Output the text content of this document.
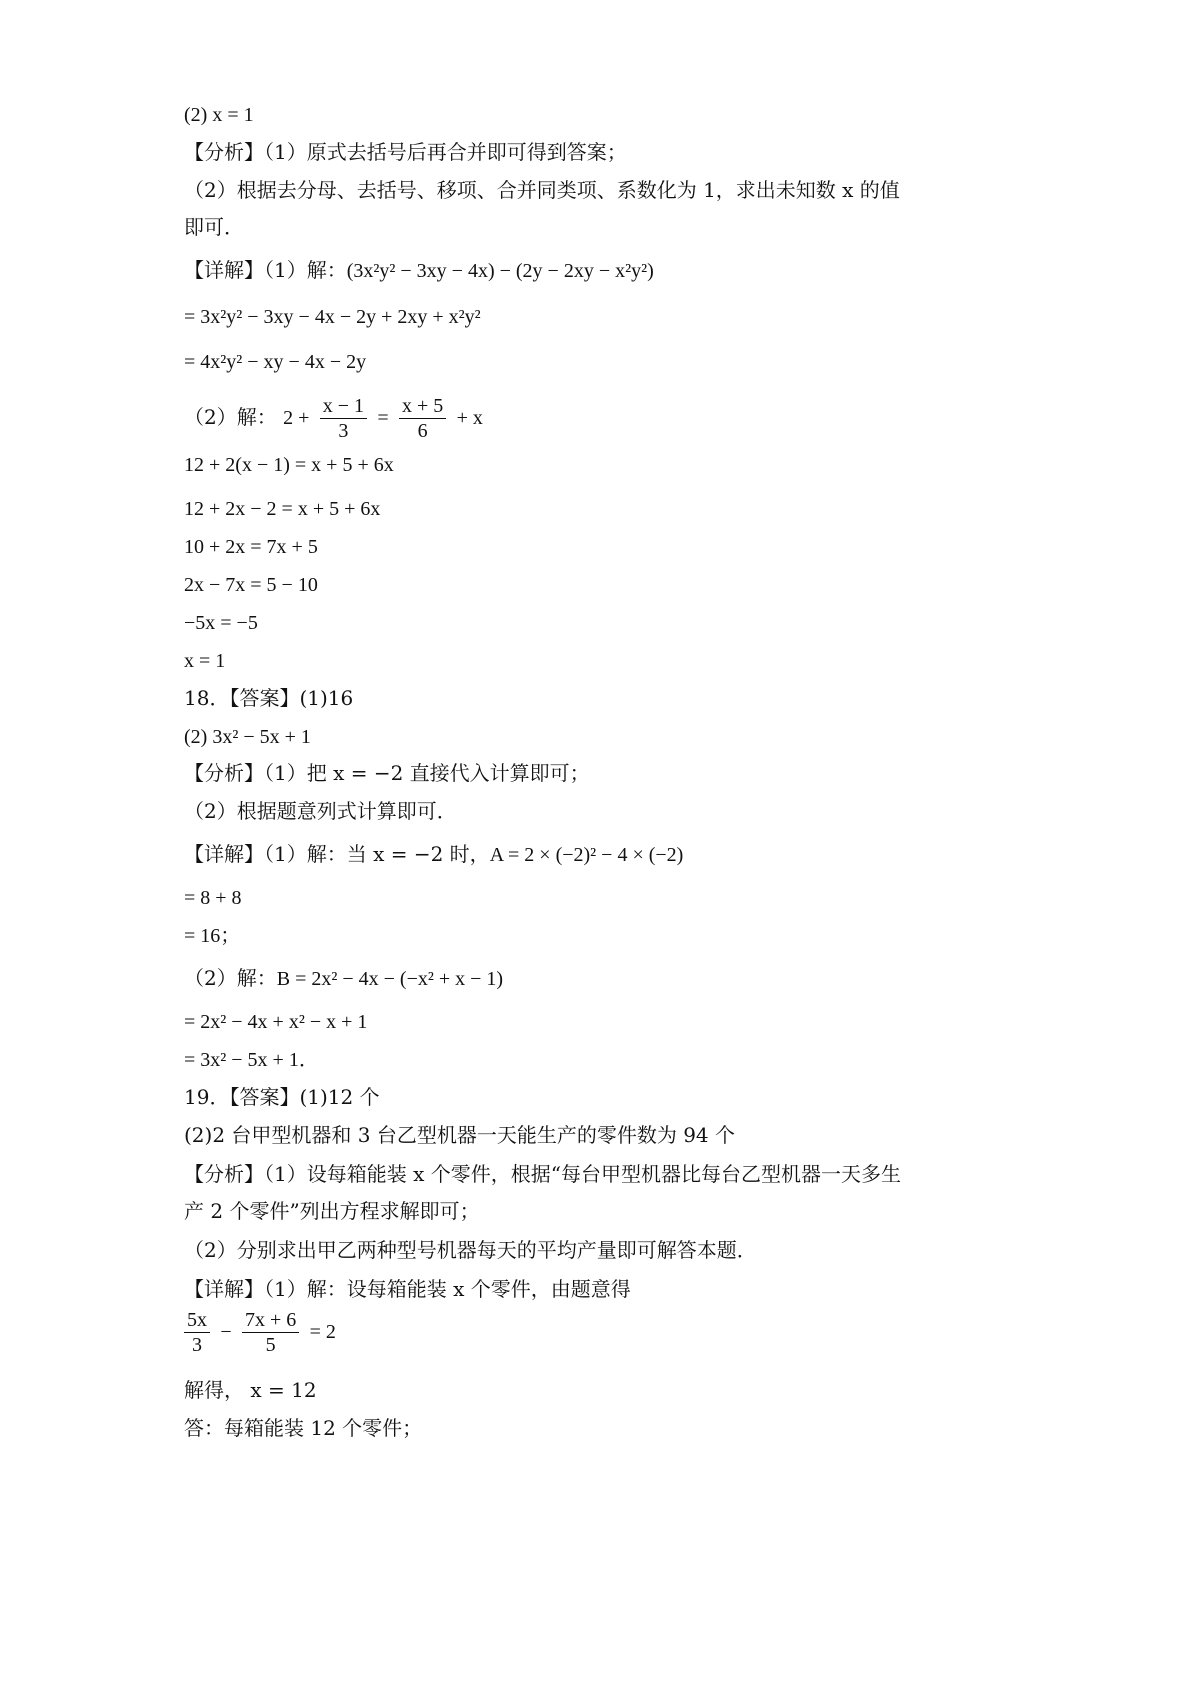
(2) x = 1
【分析】（1）原式去括号后再合并即可得到答案；
（2）根据去分母、去括号、移项、合并同类项、系数化为 1，求出未知数 x 的值
即可．
【详解】（1）解：(3x²y² − 3xy − 4x) − (2y − 2xy − x²y²)
= 3x²y² − 3xy − 4x − 2y + 2xy + x²y²
= 4x²y² − xy − 4x − 2y
（2）解： $2 + \frac{x - 1}{3} = \frac{x + 5}{6} + x$
12 + 2(x − 1) = x + 5 + 6x
12 + 2x − 2 = x + 5 + 6x
10 + 2x = 7x + 5
2x − 7x = 5 − 10
−5x = −5
x = 1
18．【答案】(1)16
(2) 3x² − 5x + 1
【分析】（1）把 x = −2 直接代入计算即可；
（2）根据题意列式计算即可．
【详解】（1）解：当 x = −2 时，A = 2 × (−2)² − 4 × (−2)
= 8 + 8
= 16；
（2）解：B = 2x² − 4x − (−x² + x − 1)
= 2x² − 4x + x² − x + 1
= 3x² − 5x + 1．
19．【答案】(1)12 个
(2)2 台甲型机器和 3 台乙型机器一天能生产的零件数为 94 个
【分析】（1）设每箱能装 x 个零件，根据“每台甲型机器比每台乙型机器一天多生
产 2 个零件”列出方程求解即可；
（2）分别求出甲乙两种型号机器每天的平均产量即可解答本题．
【详解】（1）解：设每箱能装 x 个零件，由题意得
$\frac{5x}{3} - \frac{7x + 6}{5} = 2$
解得， x = 12
答：每箱能装 12 个零件；
